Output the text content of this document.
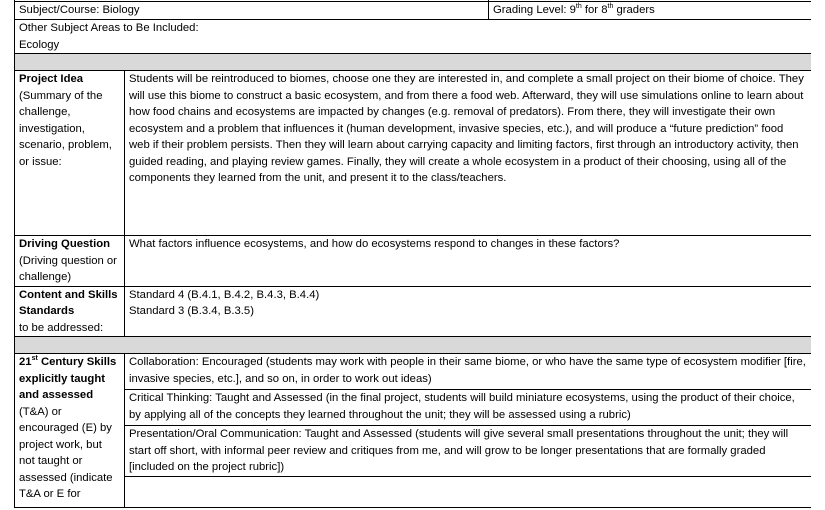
Subject/Course: Biology		Grading Level: 9th for 8th graders

Other Subject Areas to Be Included:
Ecology		

Project Idea
(Summary of the challenge, investigation, scenario, problem, or issue:	Students will be reintroduced to biomes, choose one they are interested in, and complete a small project on their biome of choice. They will use this biome to construct a basic ecosystem, and from there a food web. Afterward, they will use simulations online to learn about how food chains and ecosystems are impacted by changes (e.g. removal of predators). From there, they will investigate their own ecosystem and a problem that influences it (human development, invasive species, etc.), and will produce a “future prediction” food web if their problem persists. Then they will learn about carrying capacity and limiting factors, first through an introductory activity, then guided reading, and playing review games. Finally, they will create a whole ecosystem in a product of their choosing, using all of the components they learned from the unit, and present it to the class/teachers.	
Driving Question
(Driving question or challenge)	What factors influence ecosystems, and how do ecosystems respond to changes in these factors?	
Content and Skills Standards
to be addressed:	Standard 4 (B.4.1, B.4.2, B.4.3, B.4.4)
Standard 3 (B.3.4, B.3.5)	

21st Century Skills explicitly taught and assessed
(T&A) or encouraged (E) by project work, but not taught or assessed (indicate T&A or E for	Collaboration: Encouraged (students may work with people in their same biome, or who have the same type of ecosystem modifier [fire, invasive species, etc.], and so on, in order to work out ideas)	
	Critical Thinking: Taught and Assessed (in the final project, students will build miniature ecosystems, using the product of their choice, by applying all of the concepts they learned throughout the unit; they will be assessed using a rubric)	
	Presentation/Oral Communication: Taught and Assessed (students will give several small presentations throughout the unit; they will start off short, with informal peer review and critiques from me, and will grow to be longer presentations that are formally graded [included on the project rubric])	
